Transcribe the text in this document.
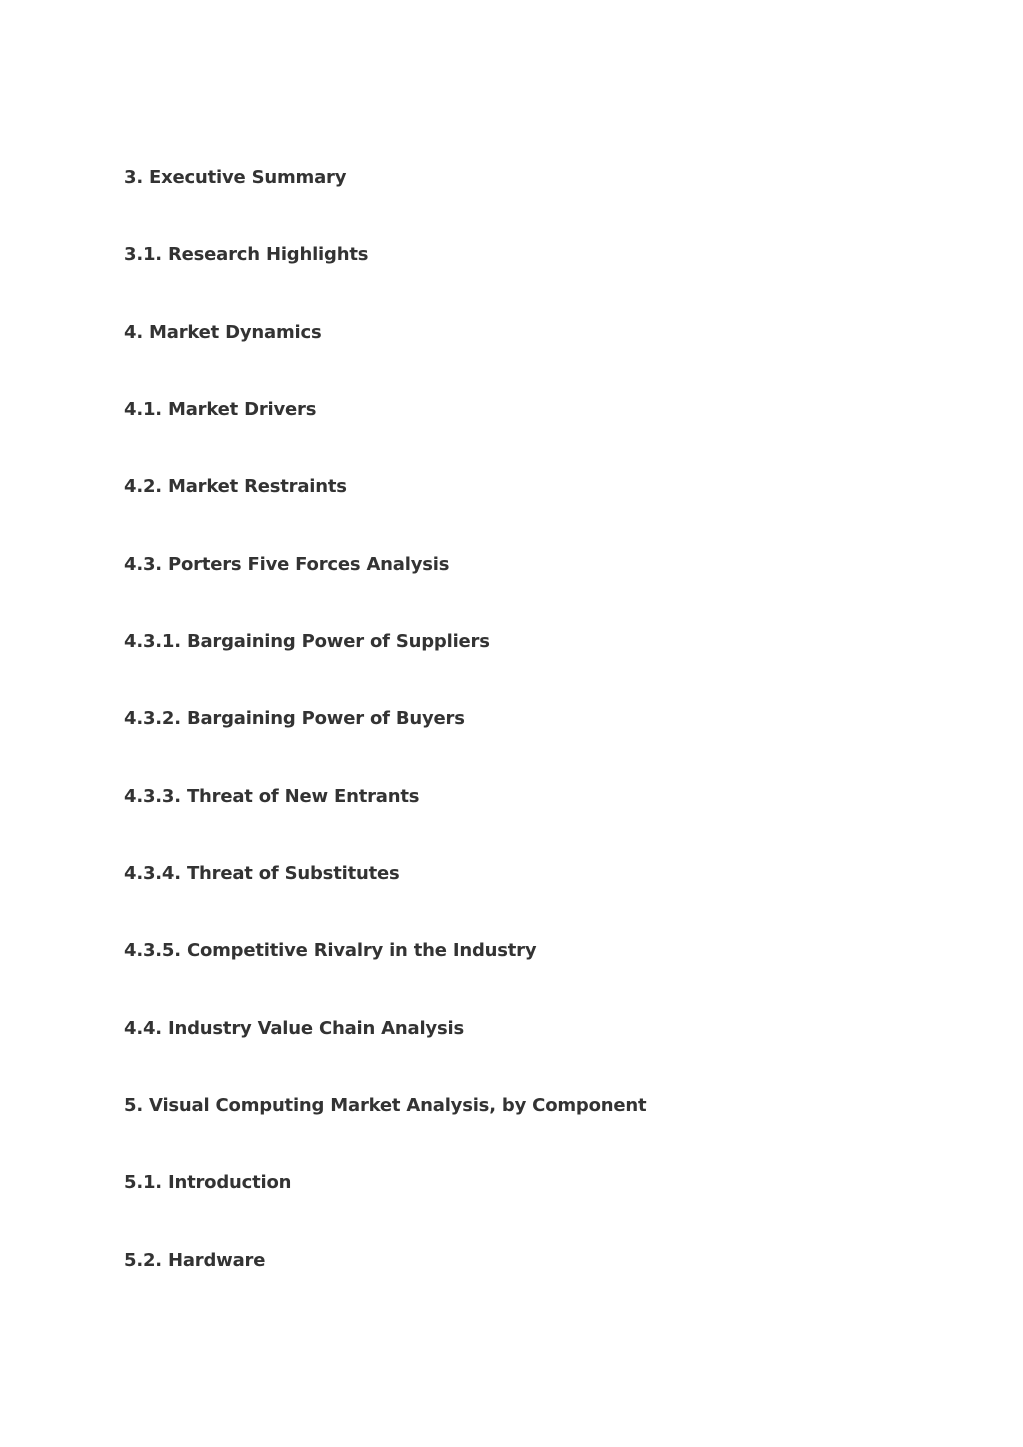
3. Executive Summary
3.1. Research Highlights
4. Market Dynamics
4.1. Market Drivers
4.2. Market Restraints
4.3. Porters Five Forces Analysis
4.3.1. Bargaining Power of Suppliers
4.3.2. Bargaining Power of Buyers
4.3.3. Threat of New Entrants
4.3.4. Threat of Substitutes
4.3.5. Competitive Rivalry in the Industry
4.4. Industry Value Chain Analysis
5. Visual Computing Market Analysis, by Component
5.1. Introduction
5.2. Hardware
